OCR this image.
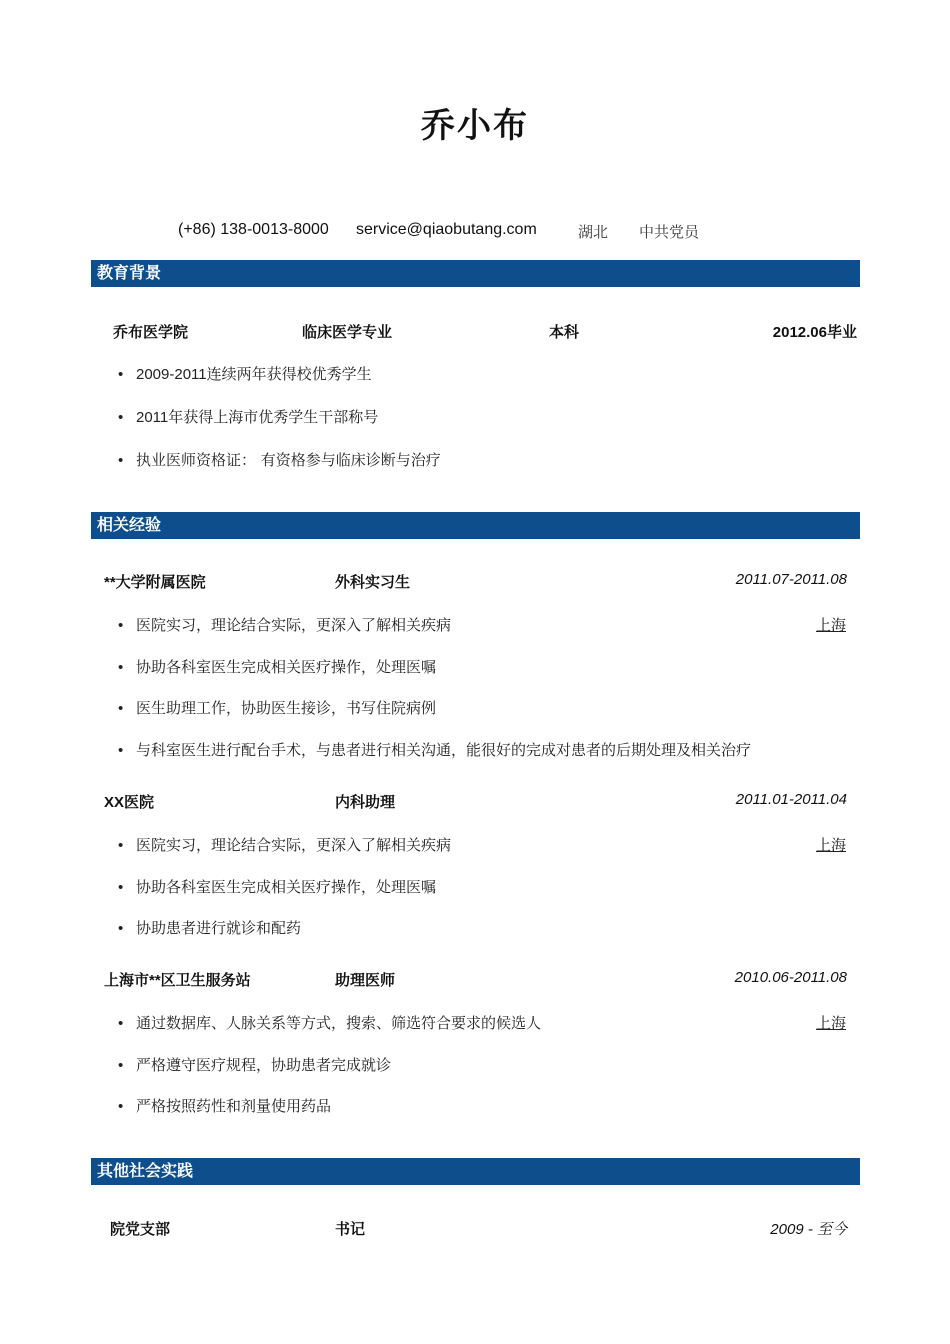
乔小布
(+86) 138-0013-8000 service@qiaobutang.com	湖北 中共党员
教育背景
乔布医学院	临床医学专业	本科	2012.06毕业
• 2009-2011连续两年获得校优秀学生
• 2011年获得上海市优秀学生干部称号
• 执业医师资格证： 有资格参与临床诊断与治疗
相关经验
**大学附属医院	外科实习生	2011.07-2011.08
• 医院实习，理论结合实际，更深入了解相关疾病	上海
• 协助各科室医生完成相关医疗操作，处理医嘱
• 医生助理工作，协助医生接诊，书写住院病例
• 与科室医生进行配台手术，与患者进行相关沟通，能很好的完成对患者的后期处理及相关治疗
XX医院	内科助理	2011.01-2011.04
• 医院实习，理论结合实际，更深入了解相关疾病	上海
• 协助各科室医生完成相关医疗操作，处理医嘱
• 协助患者进行就诊和配药
上海市**区卫生服务站	助理医师	2010.06-2011.08
• 通过数据库、人脉关系等方式，搜索、筛选符合要求的候选人	上海
• 严格遵守医疗规程，协助患者完成就诊
• 严格按照药性和剂量使用药品
其他社会实践
院党支部	书记	2009 - 至今
